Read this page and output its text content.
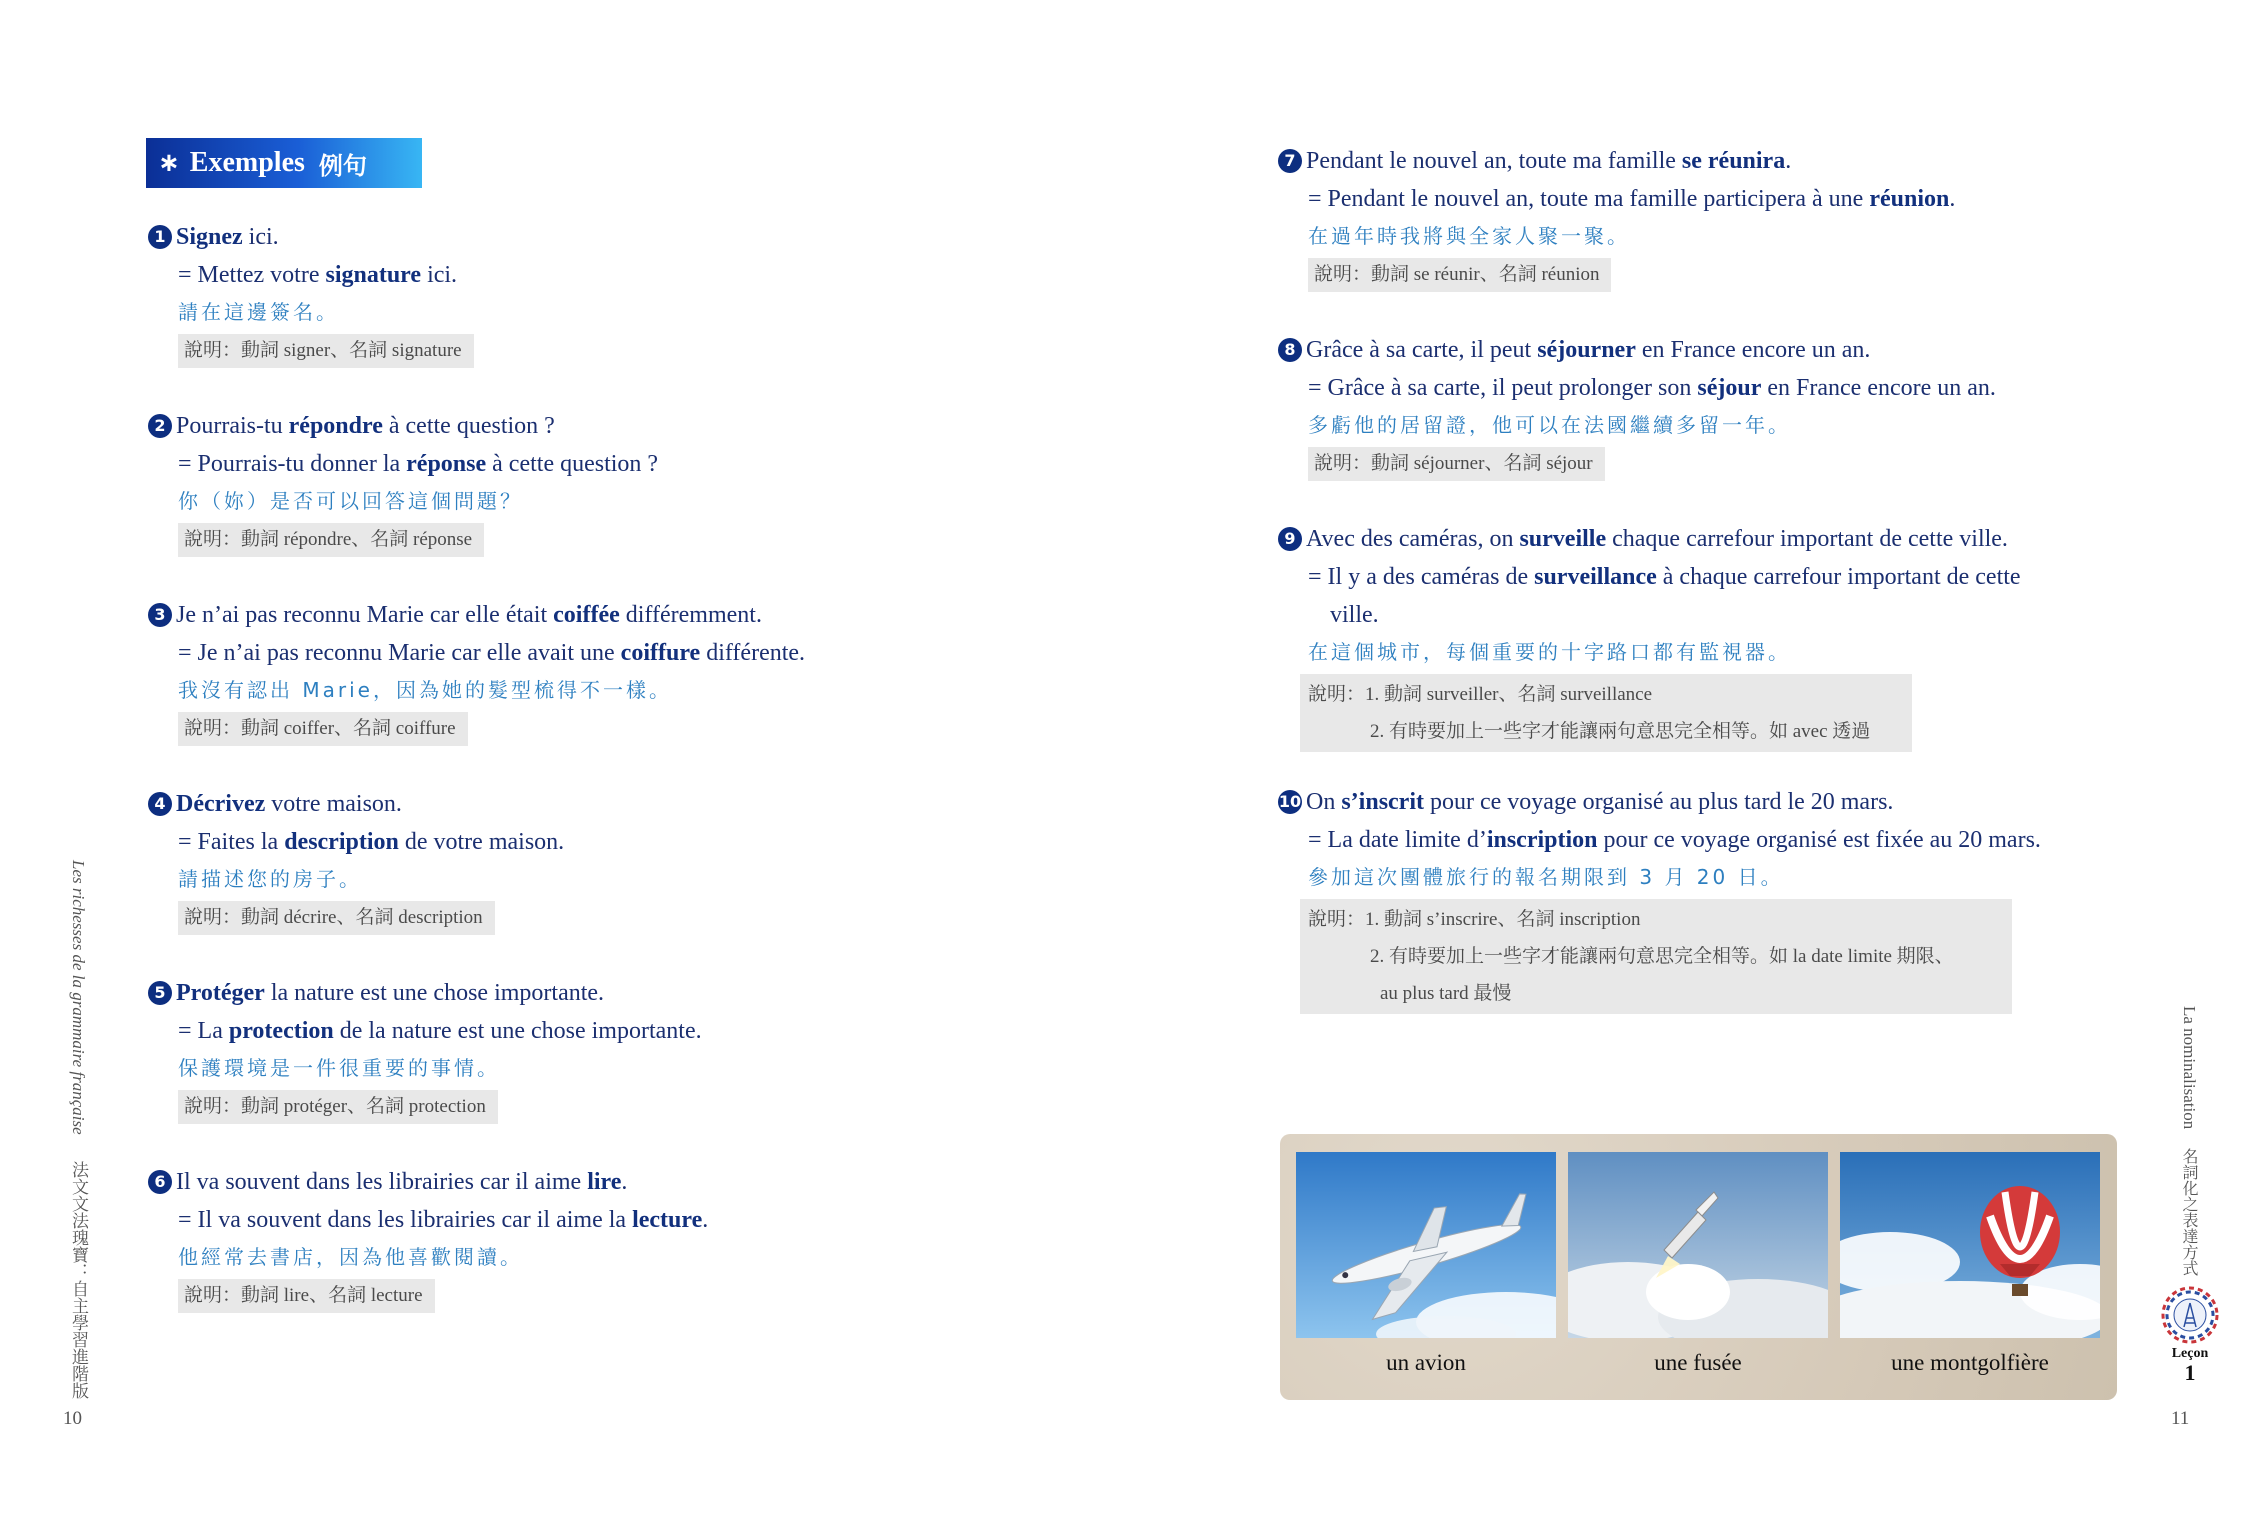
∗ Exemples 例句
Les richesses de la grammaire française  法文文法瑰寶：自主學習進階版
10
La nominalisation  名詞化之表達方式
11
1 Signez ici.
= Mettez votre signature ici.
請在這邊簽名。
說明：動詞 signer、名詞 signature
2 Pourrais-tu répondre à cette question ?
= Pourrais-tu donner la réponse à cette question ?
你（妳）是否可以回答這個問題？
說明：動詞 répondre、名詞 réponse
3 Je n’ai pas reconnu Marie car elle était coiffée différemment.
= Je n’ai pas reconnu Marie car elle avait une coiffure différente.
我沒有認出 Marie，因為她的髮型梳得不一樣。
說明：動詞 coiffer、名詞 coiffure
4 Décrivez votre maison.
= Faites la description de votre maison.
請描述您的房子。
說明：動詞 décrire、名詞 description
5 Protéger la nature est une chose importante.
= La protection de la nature est une chose importante.
保護環境是一件很重要的事情。
說明：動詞 protéger、名詞 protection
6 Il va souvent dans les librairies car il aime lire.
= Il va souvent dans les librairies car il aime la lecture.
他經常去書店，因為他喜歡閱讀。
說明：動詞 lire、名詞 lecture
7 Pendant le nouvel an, toute ma famille se réunira.
= Pendant le nouvel an, toute ma famille participera à une réunion.
在過年時我將與全家人聚一聚。
說明：動詞 se réunir、名詞 réunion
8 Grâce à sa carte, il peut séjourner en France encore un an.
= Grâce à sa carte, il peut prolonger son séjour en France encore un an.
多虧他的居留證，他可以在法國繼續多留一年。
說明：動詞 séjourner、名詞 séjour
9 Avec des caméras, on surveille chaque carrefour important de cette ville.
= Il y a des caméras de surveillance à chaque carrefour important de cette
ville.
在這個城市，每個重要的十字路口都有監視器。
說明：1. 動詞 surveiller、名詞 surveillance
2. 有時要加上一些字才能讓兩句意思完全相等。如 avec 透過
10 On s’inscrit pour ce voyage organisé au plus tard le 20 mars.
= La date limite d’inscription pour ce voyage organisé est fixée au 20 mars.
參加這次團體旅行的報名期限到 3 月 20 日。
說明：1. 動詞 s’inscrire、名詞 inscription
2. 有時要加上一些字才能讓兩句意思完全相等。如 la date limite 期限、
au plus tard 最慢
un avion	une fusée	une montgolfière	Leçon
1
